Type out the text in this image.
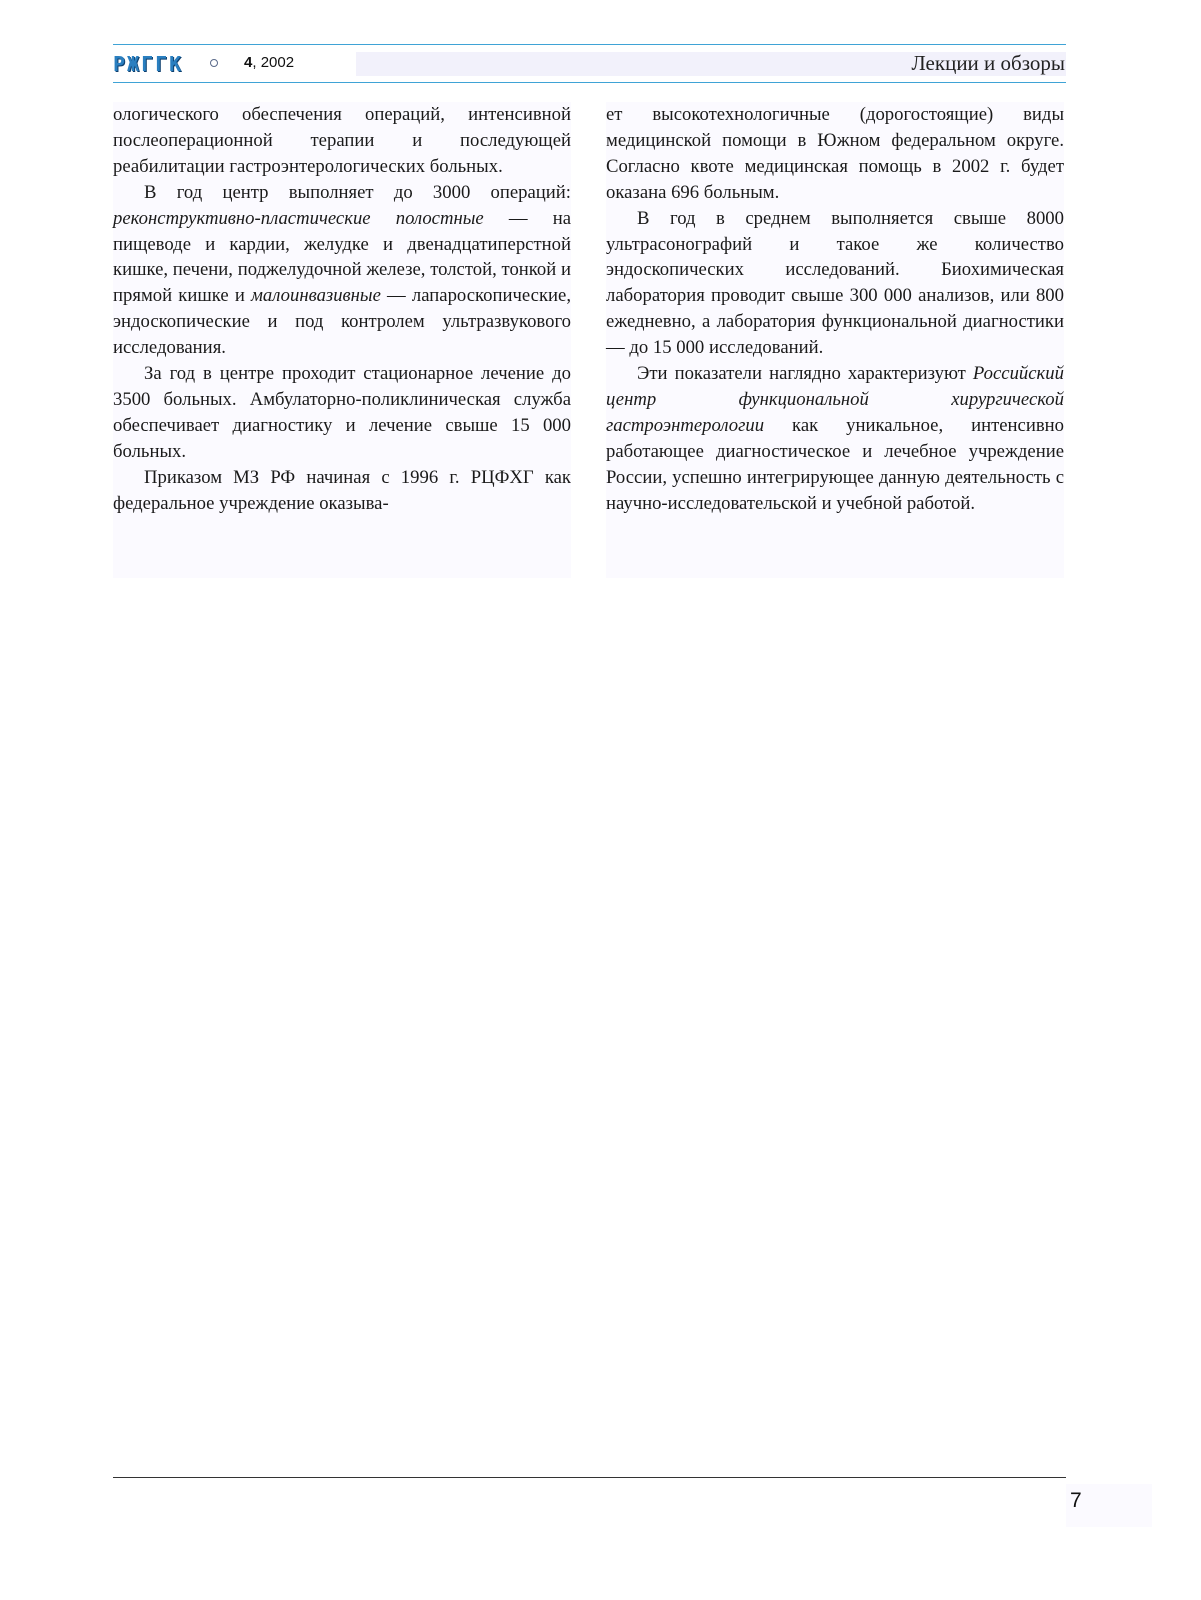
РЖГГК	4, 2002	Лекции и обзоры

ологического обеспечения операций, интенсивной послеоперационной терапии и последующей реабилитации гастроэнтерологических больных.

В год центр выполняет до 3000 операций: реконструктивно-пластические полостные — на пищеводе и кардии, желудке и двенадцатиперстной кишке, печени, поджелудочной железе, толстой, тонкой и прямой кишке и малоинвазивные — лапароскопические, эндоскопические и под контролем ультразвукового исследования.

За год в центре проходит стационарное лечение до 3500 больных. Амбулаторно-поликлиническая служба обеспечивает диагностику и лечение свыше 15 000 больных.

Приказом МЗ РФ начиная с 1996 г. РЦФХГ как федеральное учреждение оказыва-

ет высокотехнологичные (дорогостоящие) виды медицинской помощи в Южном федеральном округе. Согласно квоте медицинская помощь в 2002 г. будет оказана 696 больным.

В год в среднем выполняется свыше 8000 ультрасонографий и такое же количество эндоскопических исследований. Биохимическая лаборатория проводит свыше 300 000 анализов, или 800 ежедневно, а лаборатория функциональной диагностики — до 15 000 исследований.

Эти показатели наглядно характеризуют Российский центр функциональной хирургической гастроэнтерологии как уникальное, интенсивно работающее диагностическое и лечебное учреждение России, успешно интегрирующее данную деятельность с научно-исследовательской и учебной работой.

7
